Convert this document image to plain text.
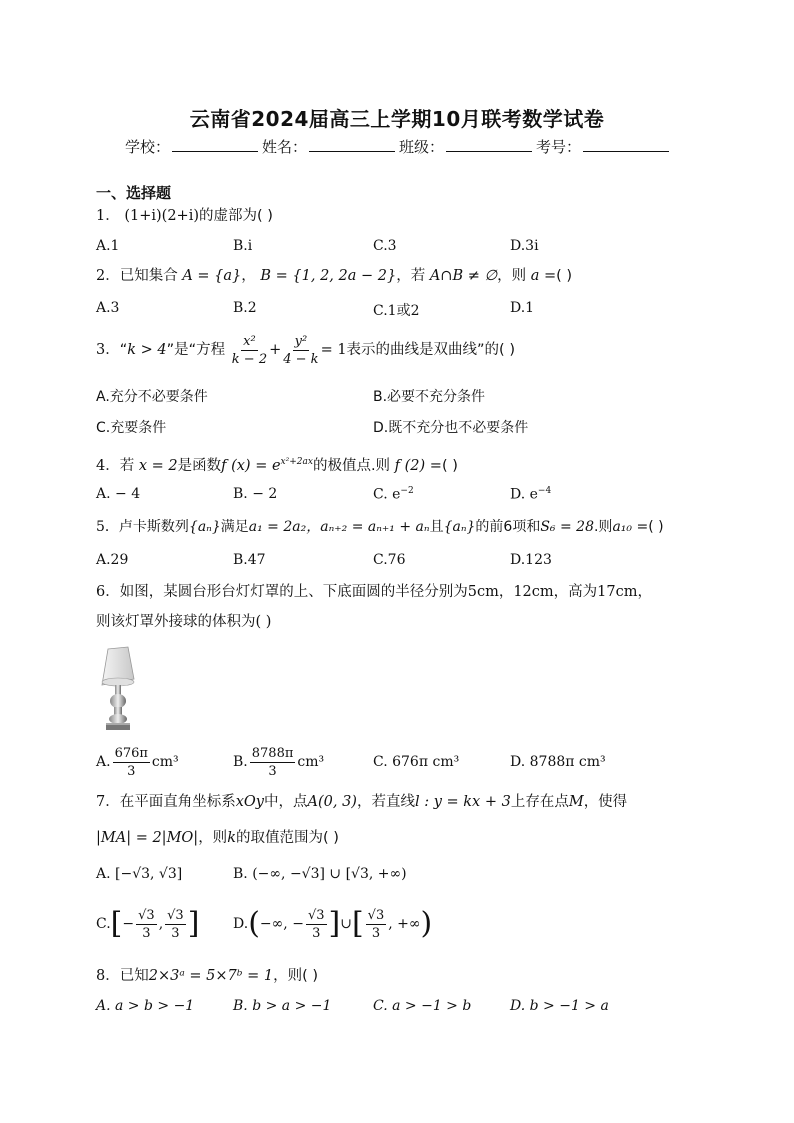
云南省2024届高三上学期10月联考数学试卷
学校：	姓名：	班级：	考号：
一、选择题
1． (1+i)(2+i)的虚部为( )
A.1	B.i	C.3	D.3i
2．已知集合 A = {a}， B = {1, 2, 2a − 2}，若 A∩B ≠ ∅，则 a =( )
A.3	B.2	C.1或2	D.1
3．“k > 4”是“方程 $\frac{\text{x²}}{k - 2} + \frac{\text{y²}}{4 - k} = 1$表示的曲线是双曲线”的( )
A.充分不必要条件	B.必要不充分条件
C.充要条件	D.既不充分也不必要条件
4．若 x = 2是函数f $(x) = e^{x^2+2ax}$的极值点.则 f (2) =( )
A. − 4	B. − 2	C. $e^{-2}$	D. $e^{-4}$
5．卢卡斯数列{aₙ}满足a₁ = 2a₂，aₙ₊₂ = aₙ₊₁ + aₙ且{aₙ}的前6项和S₆ = 28.则a₁₀ =( )
A.29	B.47	C.76	D.123
6．如图，某圆台形台灯灯罩的上、下底面圆的半径分别为5cm，12cm，高为17cm，
则该灯罩外接球的体积为( )
A. $\frac{676\pi}{3} cm^3$	B. $\frac{8788\pi}{3} cm^3$	C. 676π cm³	D. 8788π cm³
7．在平面直角坐标系xOy中，点A(0, 3)，若直线l : y = kx + 3上存在点M，使得
|MA| = 2|MO|，则k的取值范围为( )
A. [−√3, √3]	B. (−∞, −√3] ∪ [√3, +∞)
$C.[- \frac{√3}{3}$ , $\frac{√3}{3}$ ] D.(−∞, − $\frac{√3}{3}$ ]∪[ $\frac{√3}{3}$ , +∞)
8．已知2×3ᵃ = 5×7ᵇ = 1，则( )
A. a > b > −1	B. b > a > −1	C. a > −1 > b	D. b > −1 > a
